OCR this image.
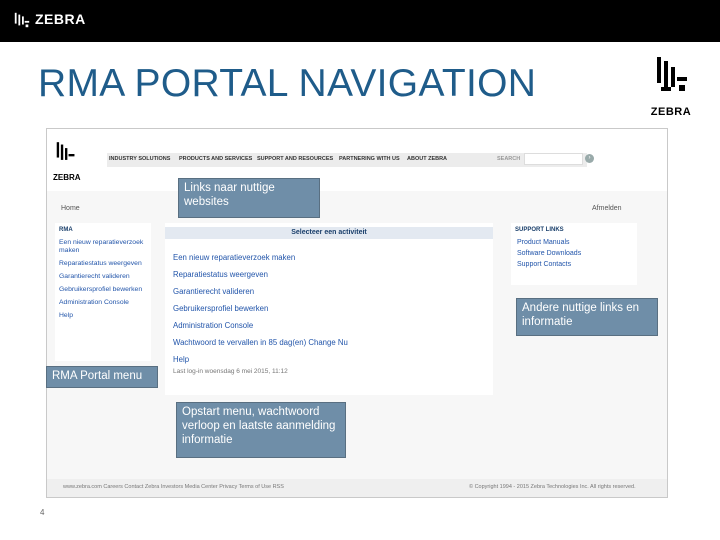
ZEBRA
RMA PORTAL NAVIGATION
ZEBRA
ZEBRA
INDUSTRY SOLUTIONS PRODUCTS AND SERVICES SUPPORT AND RESOURCES PARTNERING WITH US ABOUT ZEBRA	SEARCH	›
Home	Afmelden
RMA
Een nieuw reparatieverzoek maken
Reparatiestatus weergeven
Garantierecht valideren
Gebruikersprofiel bewerken
Administration Console
Help
Selecteer een activiteit
Een nieuw reparatieverzoek maken
Reparatiestatus weergeven
Garantierecht valideren
Gebruikersprofiel bewerken
Administration Console
Wachtwoord te vervallen in 85 dag(en) Change Nu
Help
Last log-in woensdag 6 mei 2015, 11:12
SUPPORT LINKS
Product Manuals
Software Downloads
Support Contacts
www.zebra.com Careers Contact Zebra Investors Media Center Privacy Terms of Use RSS	© Copyright 1994 - 2015 Zebra Technologies Inc. All rights reserved.
Links naar nuttige websites
Andere nuttige links en informatie
RMA Portal menu
Opstart menu, wachtwoord verloop en laatste aanmelding informatie
4
